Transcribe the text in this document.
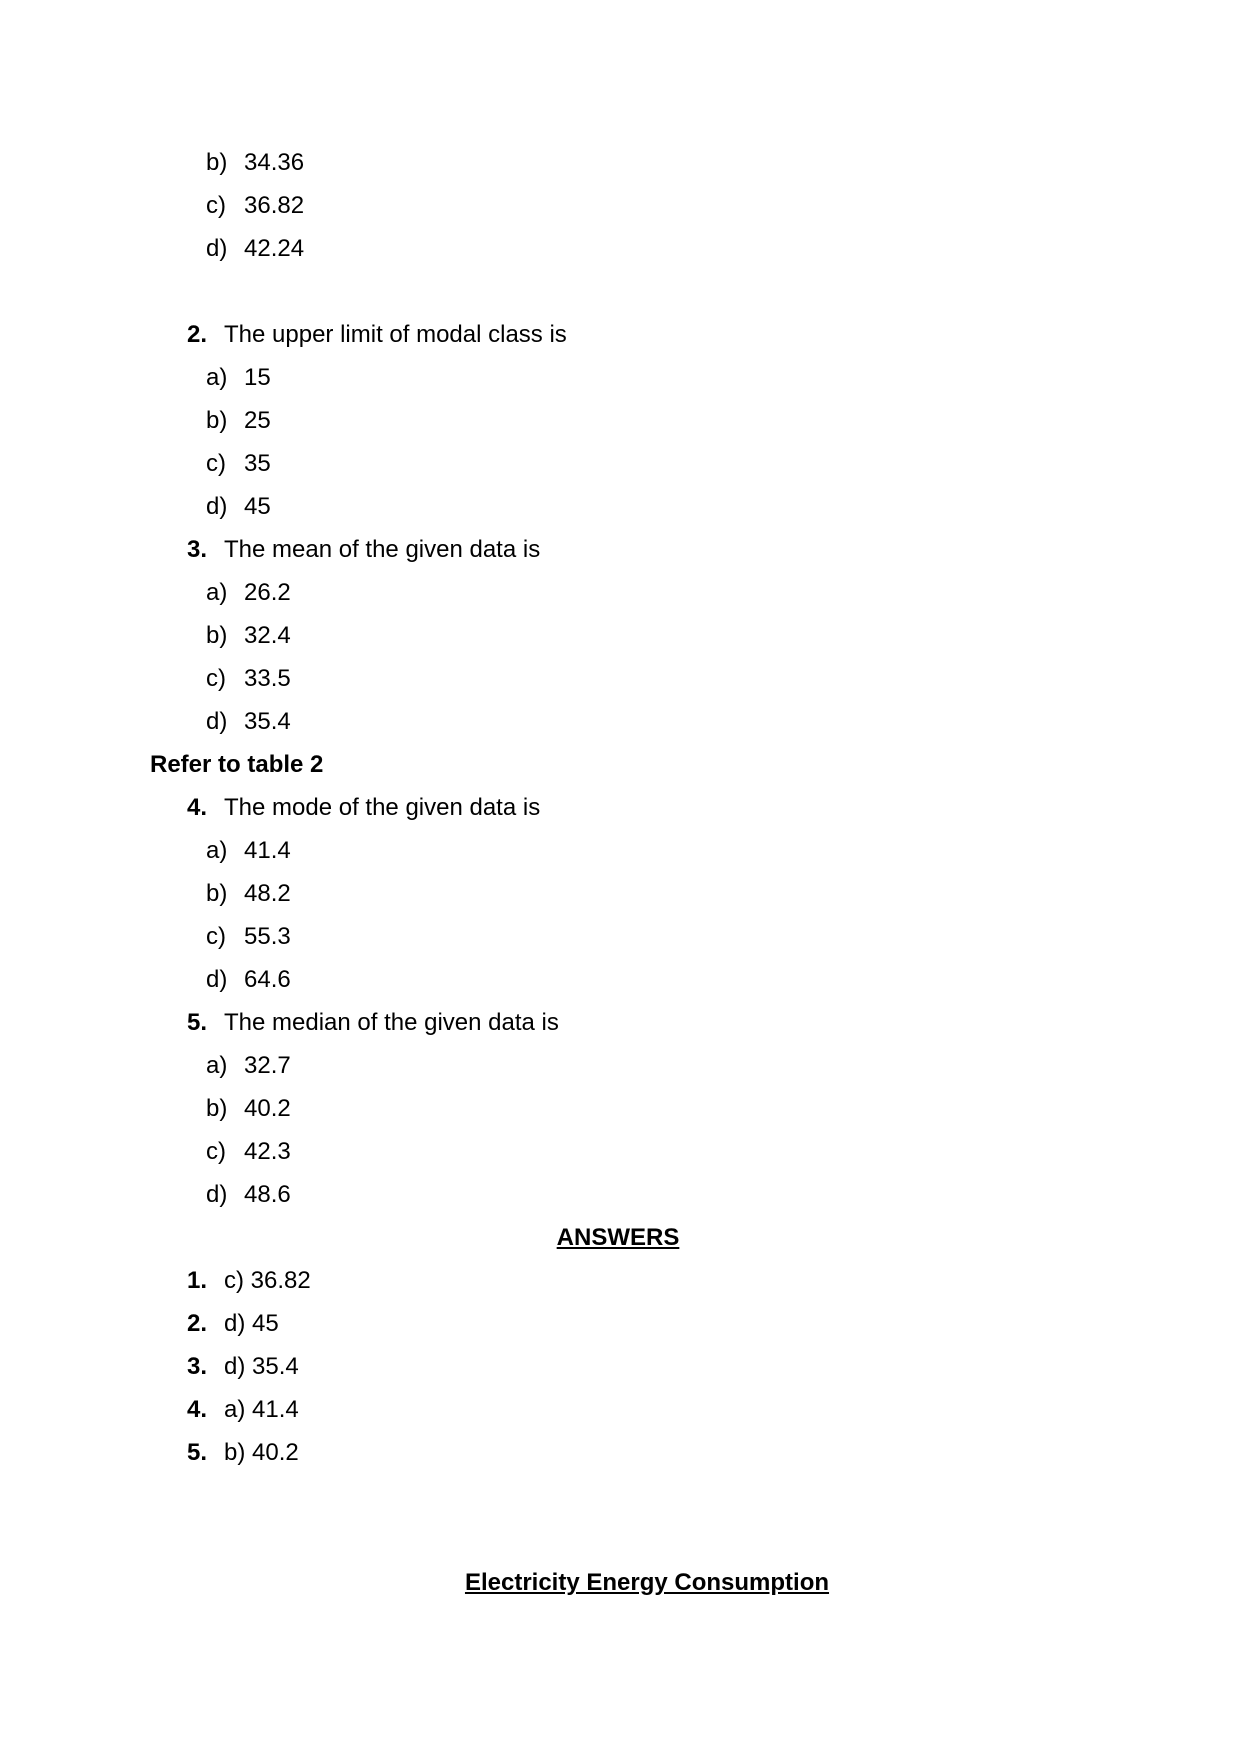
b) 34.36
c) 36.82
d) 42.24
2. The upper limit of modal class is
a) 15
b) 25
c) 35
d) 45
3. The mean of the given data is
a) 26.2
b) 32.4
c) 33.5
d) 35.4
Refer to table 2
4. The mode of the given data is
a) 41.4
b) 48.2
c) 55.3
d) 64.6
5. The median of the given data is
a) 32.7
b) 40.2
c) 42.3
d) 48.6
ANSWERS
1. c) 36.82
2. d) 45
3. d) 35.4
4. a) 41.4
5. b) 40.2
Electricity Energy Consumption
